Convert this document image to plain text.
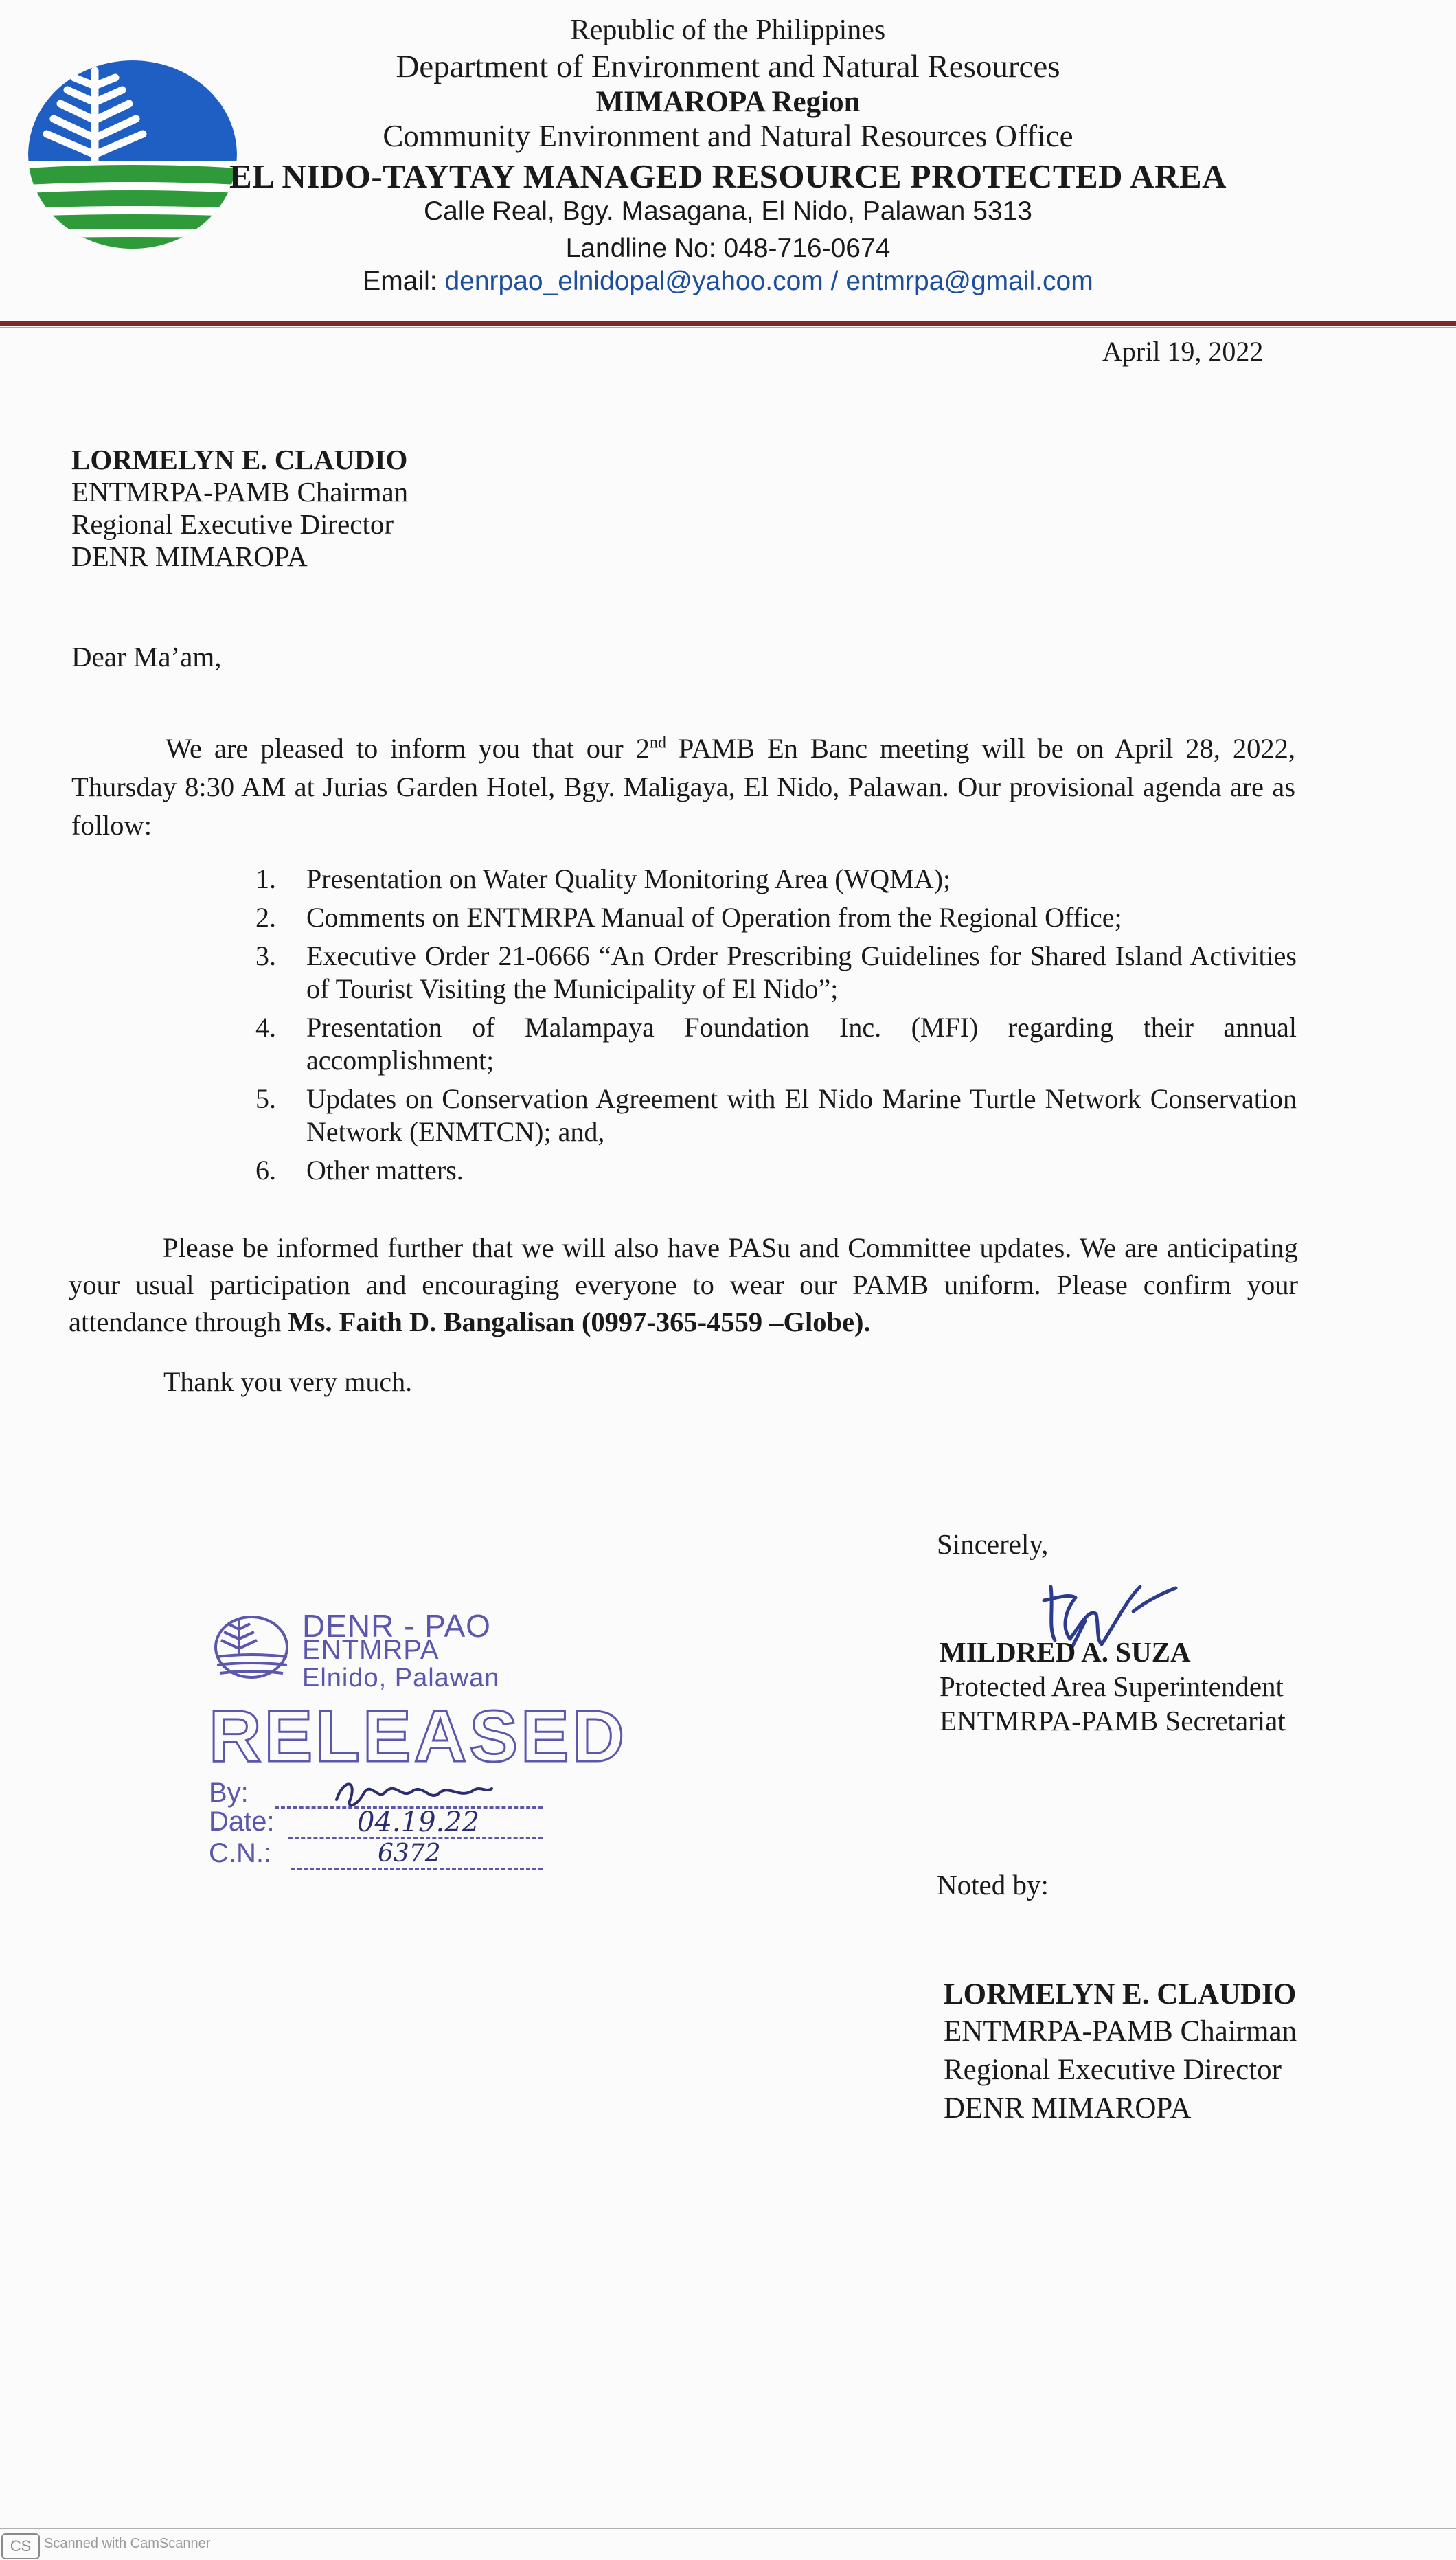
Republic of the Philippines
Department of Environment and Natural Resources
MIMAROPA Region
Community Environment and Natural Resources Office
EL NIDO-TAYTAY MANAGED RESOURCE PROTECTED AREA
Calle Real, Bgy. Masagana, El Nido, Palawan 5313
Landline No: 048-716-0674
Email: denrpao_elnidopal@yahoo.com / entmrpa@gmail.com
April 19, 2022
LORMELYN E. CLAUDIO
ENTMRPA-PAMB Chairman
Regional Executive Director
DENR MIMAROPA
Dear Ma’am,
We are pleased to inform you that our 2nd PAMB En Banc meeting will be on April 28, 2022, Thursday 8:30 AM at Jurias Garden Hotel, Bgy. Maligaya, El Nido, Palawan. Our provisional agenda are as follow:
1. Presentation on Water Quality Monitoring Area (WQMA);
2. Comments on ENTMRPA Manual of Operation from the Regional Office;
3. Executive Order 21-0666 “An Order Prescribing Guidelines for Shared Island Activities of Tourist Visiting the Municipality of El Nido”;
4. Presentation of Malampaya Foundation Inc. (MFI) regarding their annual accomplishment;
5. Updates on Conservation Agreement with El Nido Marine Turtle Network Conservation Network (ENMTCN); and,
6. Other matters.
Please be informed further that we will also have PASu and Committee updates. We are anticipating your usual participation and encouraging everyone to wear our PAMB uniform. Please confirm your attendance through Ms. Faith D. Bangalisan (0997-365-4559 –Globe).
Thank you very much.
Sincerely,
MILDRED A. SUZA
Protected Area Superintendent
ENTMRPA-PAMB Secretariat
Noted by:
LORMELYN E. CLAUDIO
ENTMRPA-PAMB Chairman
Regional Executive Director
DENR MIMAROPA
DENR - PAO
ENTMRPA
Elnido, Palawan
RELEASED
By:
Date:	04.19.22
C.N.:	6372
CS Scanned with CamScanner
